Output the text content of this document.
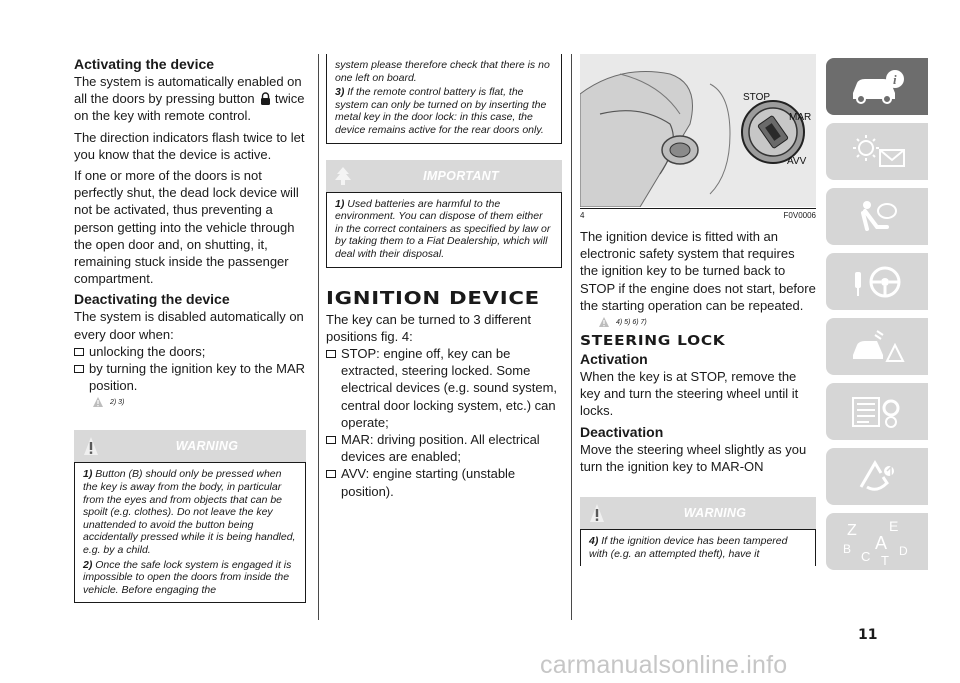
Activating the device

The system is automatically enabled on all the doors by pressing button twice on the key with remote control.

The direction indicators flash twice to let you know that the device is active.

If one or more of the doors is not perfectly shut, the dead lock device will not be activated, thus preventing a person getting into the vehicle through the open door and, on shutting, it, remaining stuck inside the passenger compartment.

Deactivating the device

The system is disabled automatically on every door when:

unlocking the doors;
by turning the ignition key to the MAR position.
2) 3)
WARNING

1) Button (B) should only be pressed when the key is away from the body, in particular from the eyes and from objects that can be spoilt (e.g. clothes). Do not leave the key unattended to avoid the button being accidentally pressed while it is being handled, e.g. by a child.

2) Once the safe lock system is engaged it is impossible to open the doors from inside the vehicle. Before engaging the

system please therefore check that there is no one left on board.

3) If the remote control battery is flat, the system can only be turned on by inserting the metal key in the door lock: in this case, the device remains active for the rear doors only.

IMPORTANT

1) Used batteries are harmful to the environment. You can dispose of them either in the correct containers as specified by law or by taking them to a Fiat Dealership, which will deal with their disposal.

IGNITION DEVICE

The key can be turned to 3 different positions fig. 4:

STOP: engine off, key can be extracted, steering locked. Some electrical devices (e.g. sound system, central door locking system, etc.) can operate;
MAR: driving position. All electrical devices are enabled;
AVV: engine starting (unstable position).
STOP
MAR
AVV
4	F0V0006

The ignition device is fitted with an electronic safety system that requires the ignition key to be turned back to STOP if the engine does not start, before the starting operation can be repeated.

4) 5) 6) 7)
STEERING LOCK
Activation

When the key is at STOP, remove the key and turn the steering wheel until it locks.

Deactivation

Move the steering wheel slightly as you turn the ignition key to MAR-ON

WARNING

4) If the ignition device has been tampered with (e.g. an attempted theft), have it

i
Z E
B A
C D
T
11
carmanualsonline.info
